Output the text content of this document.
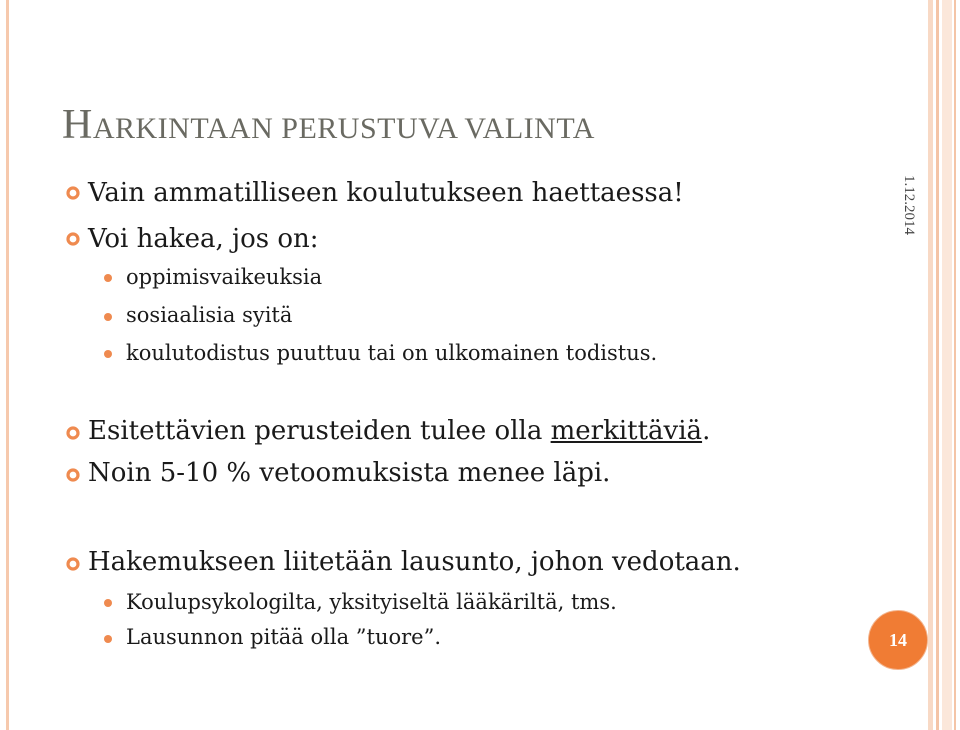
HARKINTAAN PERUSTUVA VALINTA
1.12.2014
Vain ammatilliseen koulutukseen haettaessa!
Voi hakea, jos on:
oppimisvaikeuksia
sosiaalisia syitä
koulutodistus puuttuu tai on ulkomainen todistus.
Esitettävien perusteiden tulee olla merkittäviä.
Noin 5-10 % vetoomuksista menee läpi.
Hakemukseen liitetään lausunto, johon vedotaan.
Koulupsykologilta, yksityiseltä lääkäriltä, tms.
Lausunnon pitää olla ”tuore”.	14
